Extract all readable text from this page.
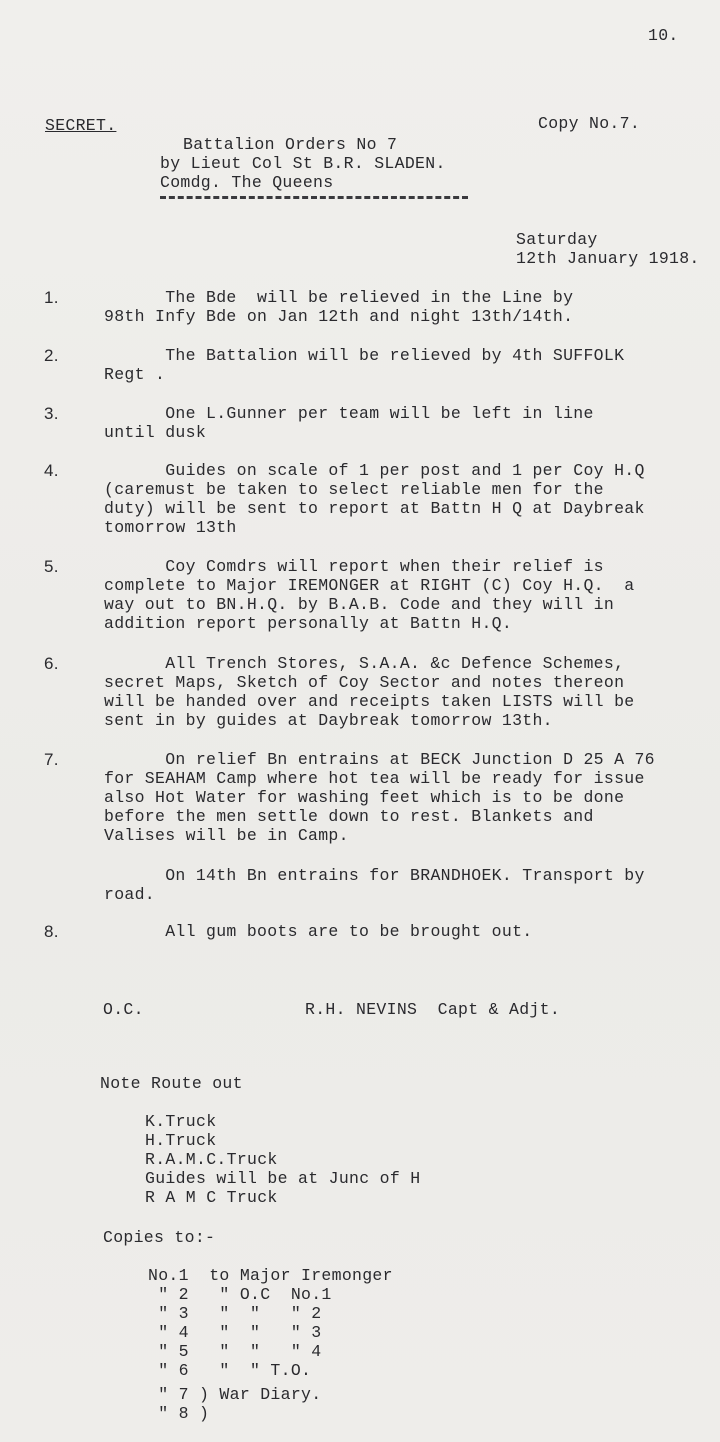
10.
SECRET.	Copy No.7.
Battalion Orders No 7
by Lieut Col St B.R. SLADEN.
Comdg. The Queens
Saturday
12th January 1918.
1.	The Bde  will be relieved in the Line by
98th Infy Bde on Jan 12th and night 13th/14th.
2.	The Battalion will be relieved by 4th SUFFOLK
Regt .
3.	One L.Gunner per team will be left in line
until dusk
4.	Guides on scale of 1 per post and 1 per Coy H.Q
(caremust be taken to select reliable men for the
duty) will be sent to report at Battn H Q at Daybreak
tomorrow 13th
5.	Coy Comdrs will report when their relief is
complete to Major IREMONGER at RIGHT (C) Coy H.Q.  a
way out to BN.H.Q. by B.A.B. Code and they will in
addition report personally at Battn H.Q.
6.	All Trench Stores, S.A.A. &c Defence Schemes,
secret Maps, Sketch of Coy Sector and notes thereon
will be handed over and receipts taken LISTS will be
sent in by guides at Daybreak tomorrow 13th.
7.	On relief Bn entrains at BECK Junction D 25 A 76
for SEAHAM Camp where hot tea will be ready for issue
also Hot Water for washing feet which is to be done
before the men settle down to rest. Blankets and
Valises will be in Camp.
On 14th Bn entrains for BRANDHOEK. Transport by
road.
8.	All gum boots are to be brought out.
O.C.	R.H. NEVINS  Capt & Adjt.
Note Route out
K.Truck
H.Truck
R.A.M.C.Truck
Guides will be at Junc of H
R A M C Truck
Copies to:-
No.1  to Major Iremonger
" 2   " O.C  No.1
" 3   "  "   " 2
" 4   "  "   " 3
" 5   "  "   " 4
" 6   "  " T.O.
" 7 ) War Diary.
" 8 )
